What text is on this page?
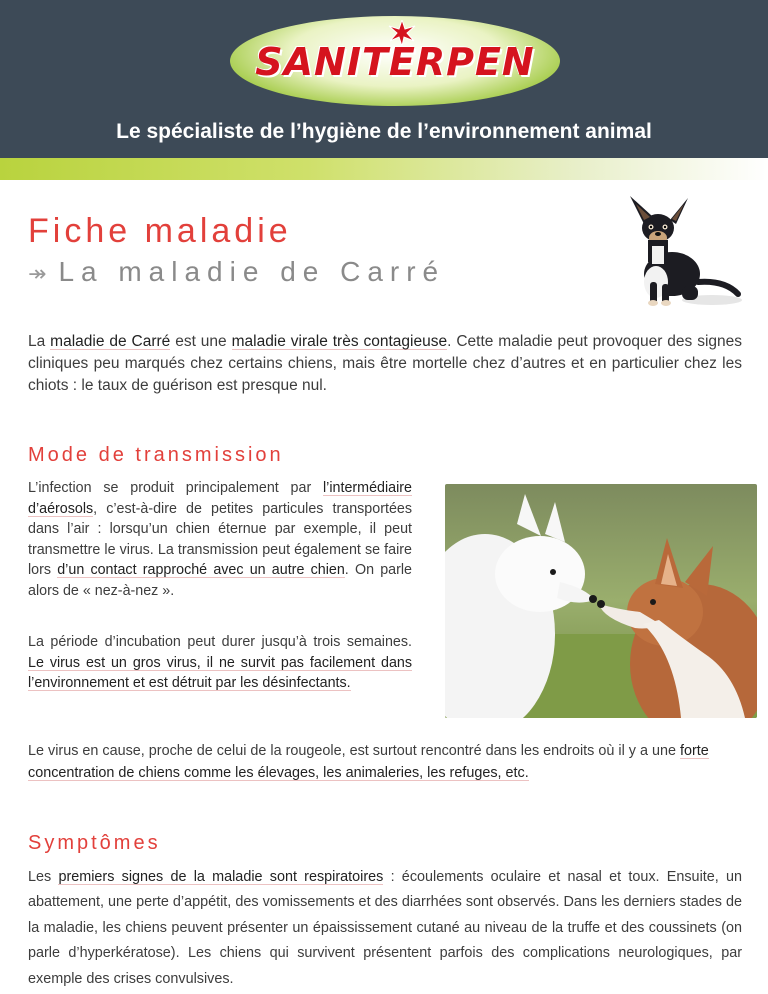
SANITERPEN
Le spécialiste de l’hygiène de l’environnement animal
Fiche maladie
↠ La maladie de Carré
La maladie de Carré est une maladie virale très contagieuse. Cette maladie peut provoquer des signes cliniques peu marqués chez certains chiens, mais être mortelle chez d’autres et en particulier chez les chiots : le taux de guérison est presque nul.
Mode de transmission
L’infection se produit principalement par l’intermédiaire d’aérosols, c’est-à-dire de petites particules transportées dans l’air : lorsqu’un chien éternue par exemple, il peut transmettre le virus. La transmission peut également se faire lors d’un contact rapproché avec un autre chien. On parle alors de « nez-à-nez ».
La période d’incubation peut durer jusqu’à trois semaines. Le virus est un gros virus, il ne survit pas facilement dans l’environnement et est détruit par les désinfectants.
Le virus en cause, proche de celui de la rougeole, est surtout rencontré dans les endroits où il y a une forte concentration de chiens comme les élevages, les animaleries, les refuges, etc.
Symptômes
Les premiers signes de la maladie sont respiratoires : écoulements oculaire et nasal et toux. Ensuite, un abattement, une perte d’appétit, des vomissements et des diarrhées sont observés. Dans les derniers stades de la maladie, les chiens peuvent présenter un épaississement cutané au niveau de la truffe et des coussinets (on parle d’hyperkératose). Les chiens qui survivent présentent parfois des complications neurologiques, par exemple des crises convulsives.
